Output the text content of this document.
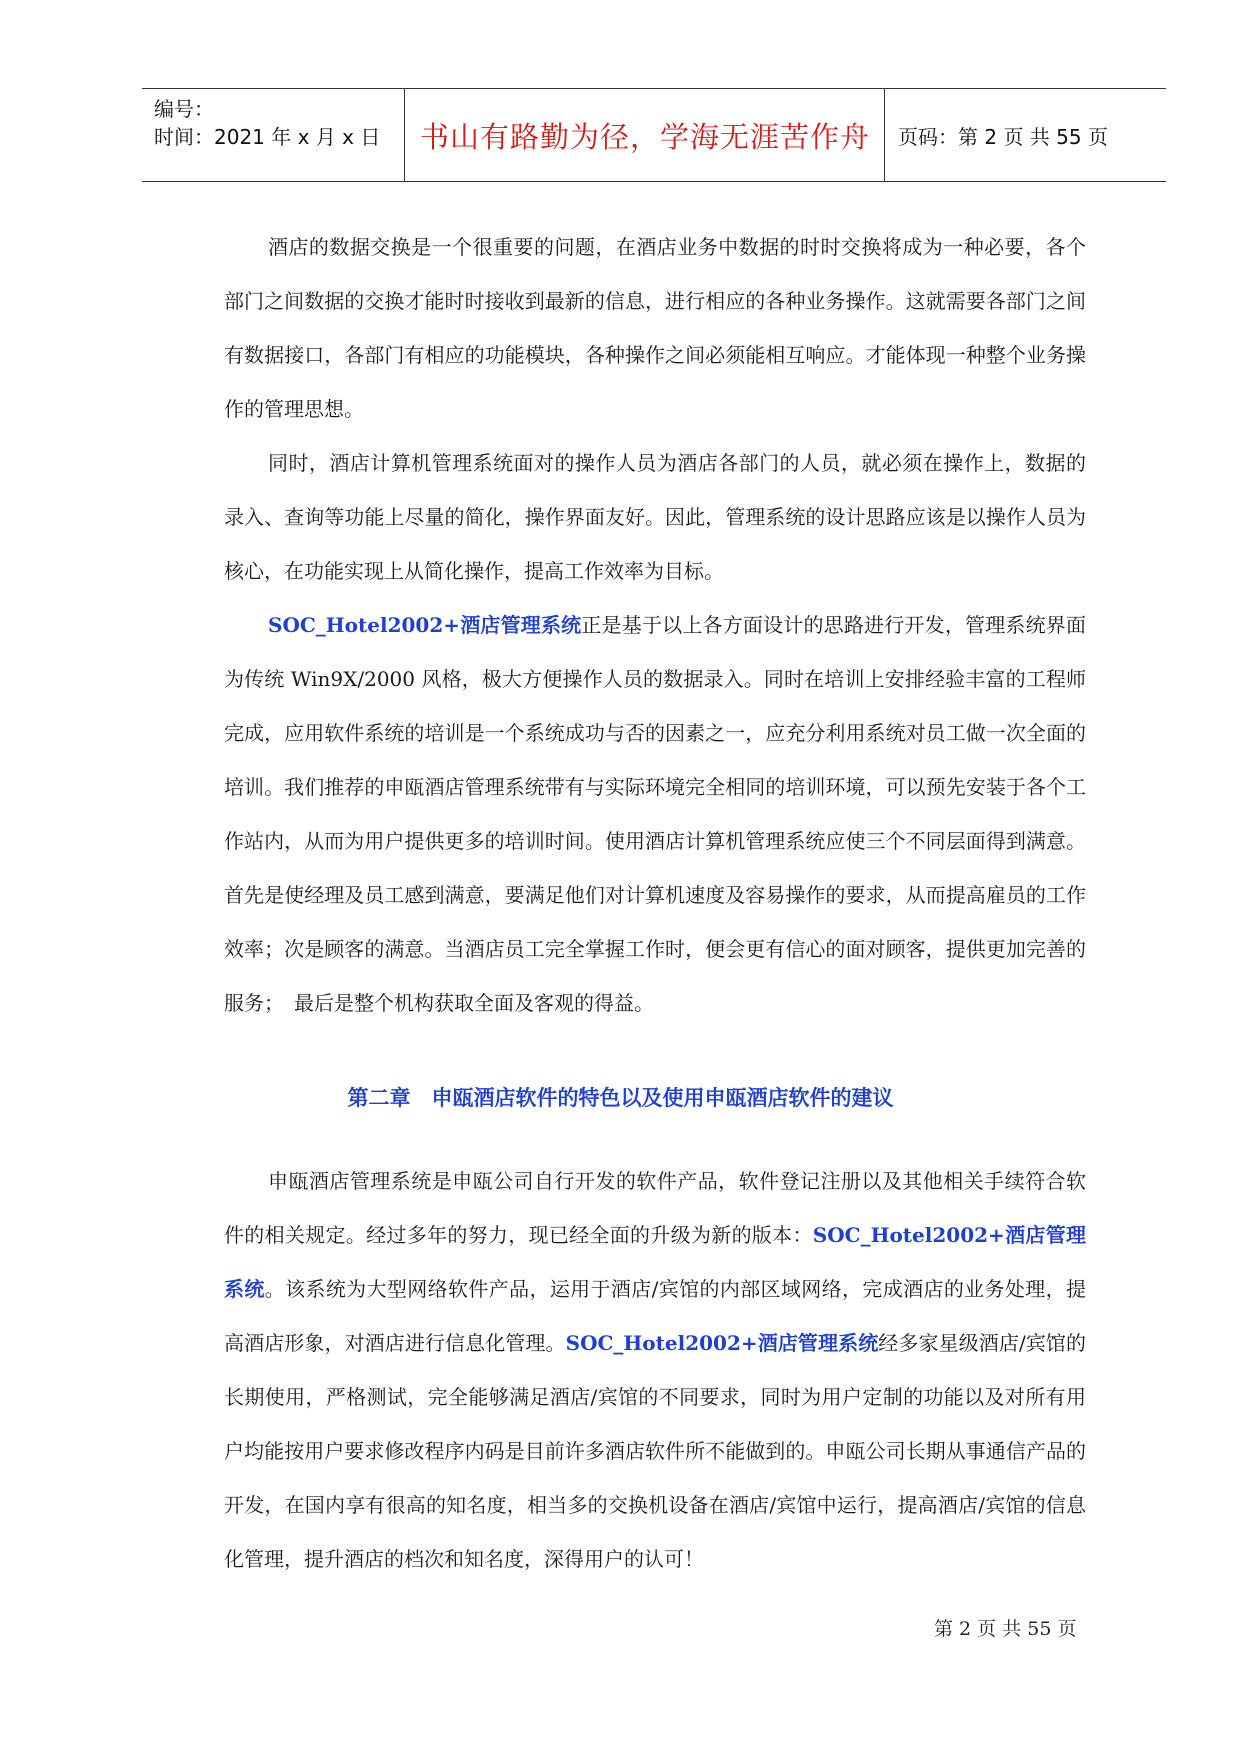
编号：
时间：2021 年 x 月 x 日 书山有路勤为径，学海无涯苦作舟 页码：第 2 页 共 55 页

酒店的数据交换是一个很重要的问题，在酒店业务中数据的时时交换将成为一种必要，各个部门之间数据的交换才能时时接收到最新的信息，进行相应的各种业务操作。这就需要各部门之间有数据接口，各部门有相应的功能模块，各种操作之间必须能相互响应。才能体现一种整个业务操作的管理思想。

同时，酒店计算机管理系统面对的操作人员为酒店各部门的人员，就必须在操作上，数据的录入、查询等功能上尽量的简化，操作界面友好。因此，管理系统的设计思路应该是以操作人员为核心，在功能实现上从简化操作，提高工作效率为目标。

SOC_Hotel2002+酒店管理系统正是基于以上各方面设计的思路进行开发，管理系统界面为传统 Win9X/2000 风格，极大方便操作人员的数据录入。同时在培训上安排经验丰富的工程师完成，应用软件系统的培训是一个系统成功与否的因素之一，应充分利用系统对员工做一次全面的培训。我们推荐的申瓯酒店管理系统带有与实际环境完全相同的培训环境，可以预先安装于各个工作站内，从而为用户提供更多的培训时间。使用酒店计算机管理系统应使三个不同层面得到满意。首先是使经理及员工感到满意，要满足他们对计算机速度及容易操作的要求，从而提高雇员的工作效率；次是顾客的满意。当酒店员工完全掌握工作时，便会更有信心的面对顾客，提供更加完善的服务；　最后是整个机构获取全面及客观的得益。

第二章　申瓯酒店软件的特色以及使用申瓯酒店软件的建议

申瓯酒店管理系统是申瓯公司自行开发的软件产品，软件登记注册以及其他相关手续符合软件的相关规定。经过多年的努力，现已经全面的升级为新的版本：SOC_Hotel2002+酒店管理系统。该系统为大型网络软件产品，运用于酒店/宾馆的内部区域网络，完成酒店的业务处理，提高酒店形象，对酒店进行信息化管理。SOC_Hotel2002+酒店管理系统经多家星级酒店/宾馆的长期使用，严格测试，完全能够满足酒店/宾馆的不同要求，同时为用户定制的功能以及对所有用户均能按用户要求修改程序内码是目前许多酒店软件所不能做到的。申瓯公司长期从事通信产品的开发，在国内享有很高的知名度，相当多的交换机设备在酒店/宾馆中运行，提高酒店/宾馆的信息化管理，提升酒店的档次和知名度，深得用户的认可！

第 2 页 共 55 页
